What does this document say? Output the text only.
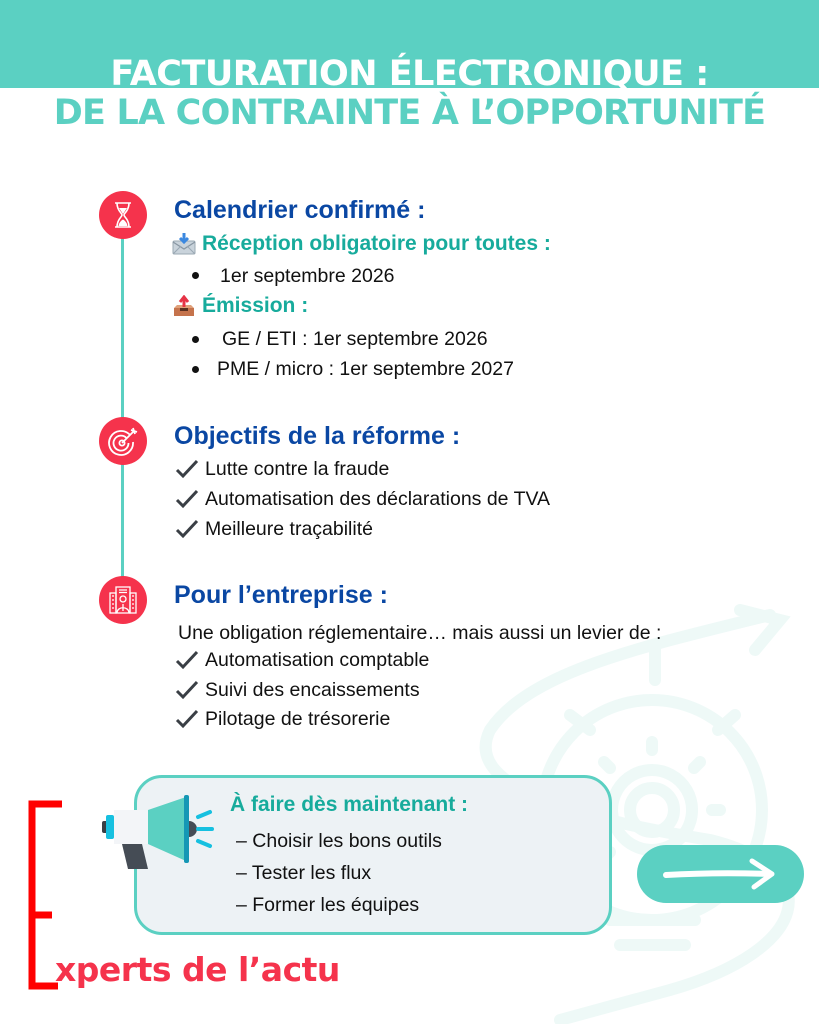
FACTURATION ÉLECTRONIQUE :
DE LA CONTRAINTE À L’OPPORTUNITÉ
Calendrier confirmé :
Réception obligatoire pour toutes :
1er septembre 2026
Émission :
GE / ETI : 1er septembre 2026
PME / micro : 1er septembre 2027
Objectifs de la réforme :
Lutte contre la fraude
Automatisation des déclarations de TVA
Meilleure traçabilité
Pour l’entreprise :
Une obligation réglementaire… mais aussi un levier de :
Automatisation comptable
Suivi des encaissements
Pilotage de trésorerie
À faire dès maintenant :
– Choisir les bons outils
– Tester les flux
– Former les équipes
xperts de l’actu
